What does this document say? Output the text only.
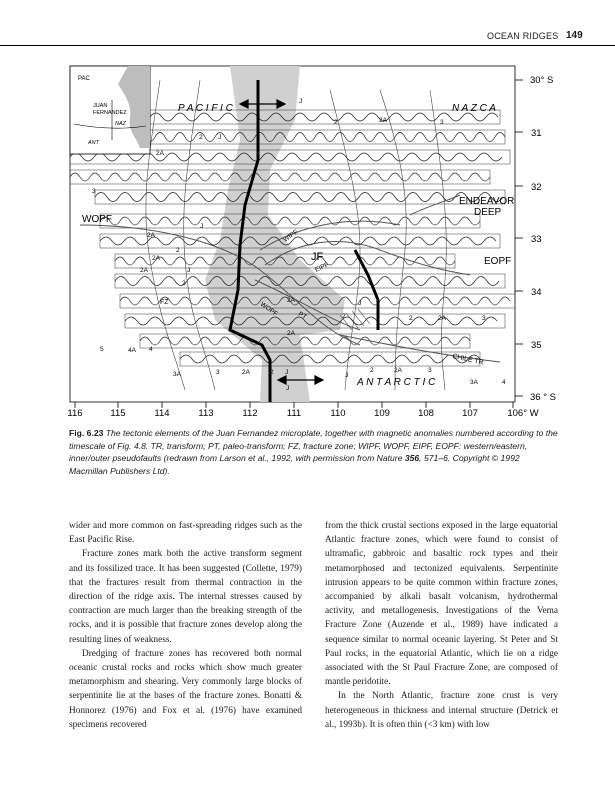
OCEAN RIDGES 149
PAC
JUAN
FERNANDEZ
NAZ
ANT
P A C I F I C	N A Z C A
A N T A R C T I C
ENDEAVOR
DEEP
WOPF
EOPF
JF
WIPF
EIPF
WOPF	PT
FZ
CHILE TR
J
2	2A	3
2 J
2A
3
2A
J
2A
2
2A
J
2
2A
2A
2
J
2	2A	3
5	4A 4
3A	3	2A	2 J	J
2	2A	3
3A	4
J
30° S
31
32
33
34
35
36 ° S
116	115	114	113	112	111	110	109	108	107	106° W
Fig. 6.23 The tectonic elements of the Juan Fernandez microplate, together with magnetic anomalies numbered according to the timescale of Fig. 4.8. TR, transform; PT, paleo-transform; FZ, fracture zone; WIPF, WOPF, EIPF, EOPF: western/eastern, inner/outer pseudofaults (redrawn from Larson et al., 1992, with permission from Nature 356, 571–6. Copyright © 1992 Macmillan Publishers Ltd).

wider and more common on fast-spreading ridges such as the East Pacific Rise.

Fracture zones mark both the active transform segment and its fossilized trace. It has been suggested (Collette, 1979) that the fractures result from thermal contraction in the direction of the ridge axis. The internal stresses caused by contraction are much larger than the breaking strength of the rocks, and it is possible that fracture zones develop along the resulting lines of weakness.

Dredging of fracture zones has recovered both normal oceanic crustal rocks and rocks which show much greater metamorphism and shearing. Very commonly large blocks of serpentinite lie at the bases of the fracture zones. Bonatti & Honnorez (1976) and Fox et al. (1976) have examined specimens recovered

from the thick crustal sections exposed in the large equatorial Atlantic fracture zones, which were found to consist of ultramafic, gabbroic and basaltic rock types and their metamorphosed and tectonized equivalents. Serpentinite intrusion appears to be quite common within fracture zones, accompanied by alkali basalt volcanism, hydrothermal activity, and metallogenesis. Investigations of the Vema Fracture Zone (Auzende et al., 1989) have indicated a sequence similar to normal oceanic layering. St Peter and St Paul rocks, in the equatorial Atlantic, which lie on a ridge associated with the St Paul Fracture Zone, are composed of mantle peridotite.

In the North Atlantic, fracture zone crust is very heterogeneous in thickness and internal structure (Detrick et al., 1993b). It is often thin (<3 km) with low
